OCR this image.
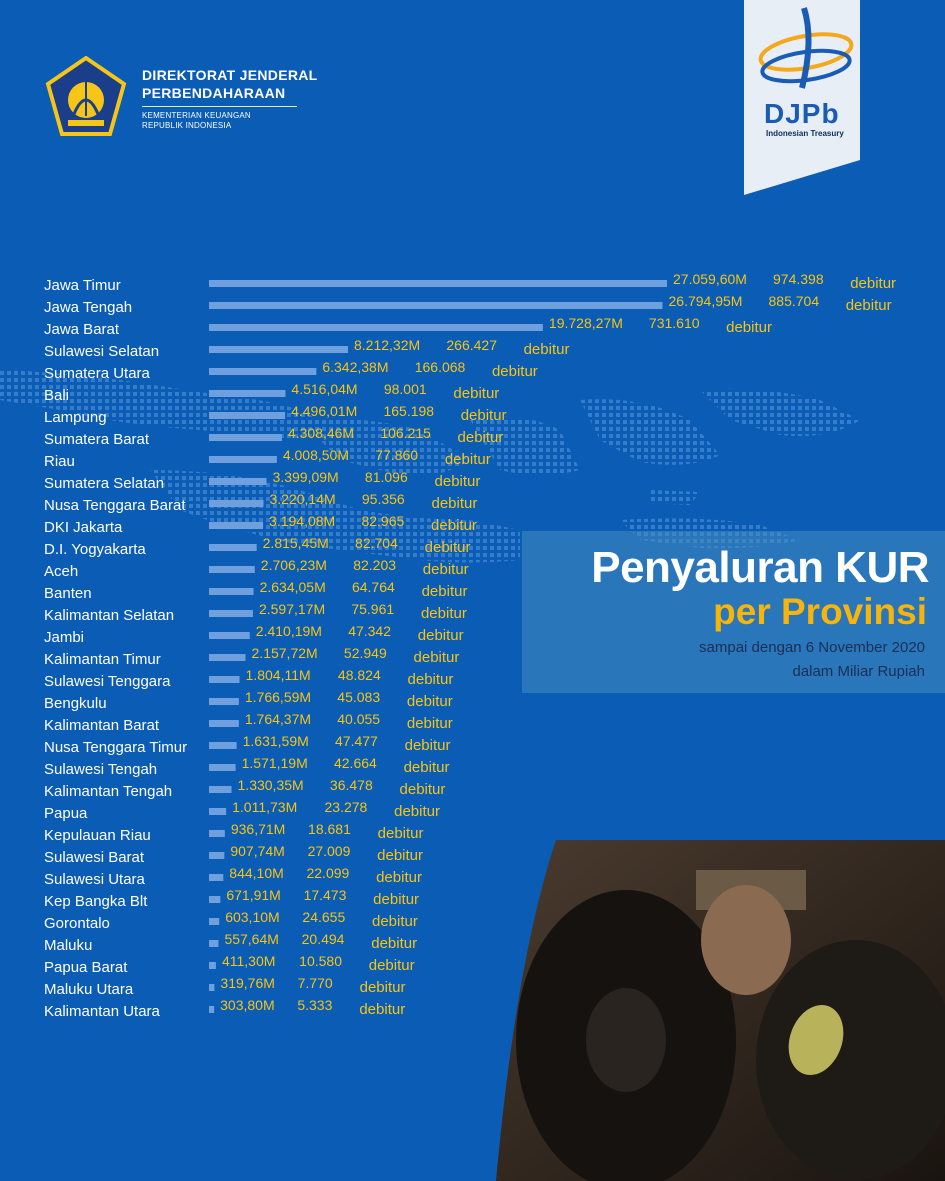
DIREKTORAT JENDERAL
PERBENDAHARAAN
KEMENTERIAN KEUANGAN
REPUBLIK INDONESIA	DJPb
Indonesian Treasury
Penyaluran KUR
per Provinsi
sampai dengan 6 November 2020
dalam Miliar Rupiah
Jawa Timur	27.059,60M 974.398 debitur
Jawa Tengah	26.794,95M 885.704 debitur
Jawa Barat	19.728,27M 731.610 debitur
Sulawesi Selatan	8.212,32M 266.427 debitur
Sumatera Utara	6.342,38M 166.068 debitur
Bali	4.516,04M 98.001 debitur
Lampung	4.496,01M 165.198 debitur
Sumatera Barat	4.308,46M 106.215 debitur
Riau	4.008,50M 77.860 debitur
Sumatera Selatan	3.399,09M 81.096 debitur
Nusa Tenggara Barat	3.220,14M 95.356 debitur
DKI Jakarta	3.194,08M 82.965 debitur
D.I. Yogyakarta	2.815,45M 82.704 debitur
Aceh	2.706,23M 82.203 debitur
Banten	2.634,05M 64.764 debitur
Kalimantan Selatan	2.597,17M 75.961 debitur
Jambi	2.410,19M 47.342 debitur
Kalimantan Timur	2.157,72M 52.949 debitur
Sulawesi Tenggara	1.804,11M 48.824 debitur
Bengkulu	1.766,59M 45.083 debitur
Kalimantan Barat	1.764,37M 40.055 debitur
Nusa Tenggara Timur	1.631,59M 47.477 debitur
Sulawesi Tengah	1.571,19M 42.664 debitur
Kalimantan Tengah	1.330,35M 36.478 debitur
Papua	1.011,73M 23.278 debitur
Kepulauan Riau	936,71M 18.681 debitur
Sulawesi Barat	907,74M 27.009 debitur
Sulawesi Utara	844,10M 22.099 debitur
Kep Bangka Blt	671,91M 17.473 debitur
Gorontalo	603,10M 24.655 debitur
Maluku	557,64M 20.494 debitur
Papua Barat	411,30M 10.580 debitur
Maluku Utara	319,76M 7.770 debitur
Kalimantan Utara	303,80M 5.333 debitur
